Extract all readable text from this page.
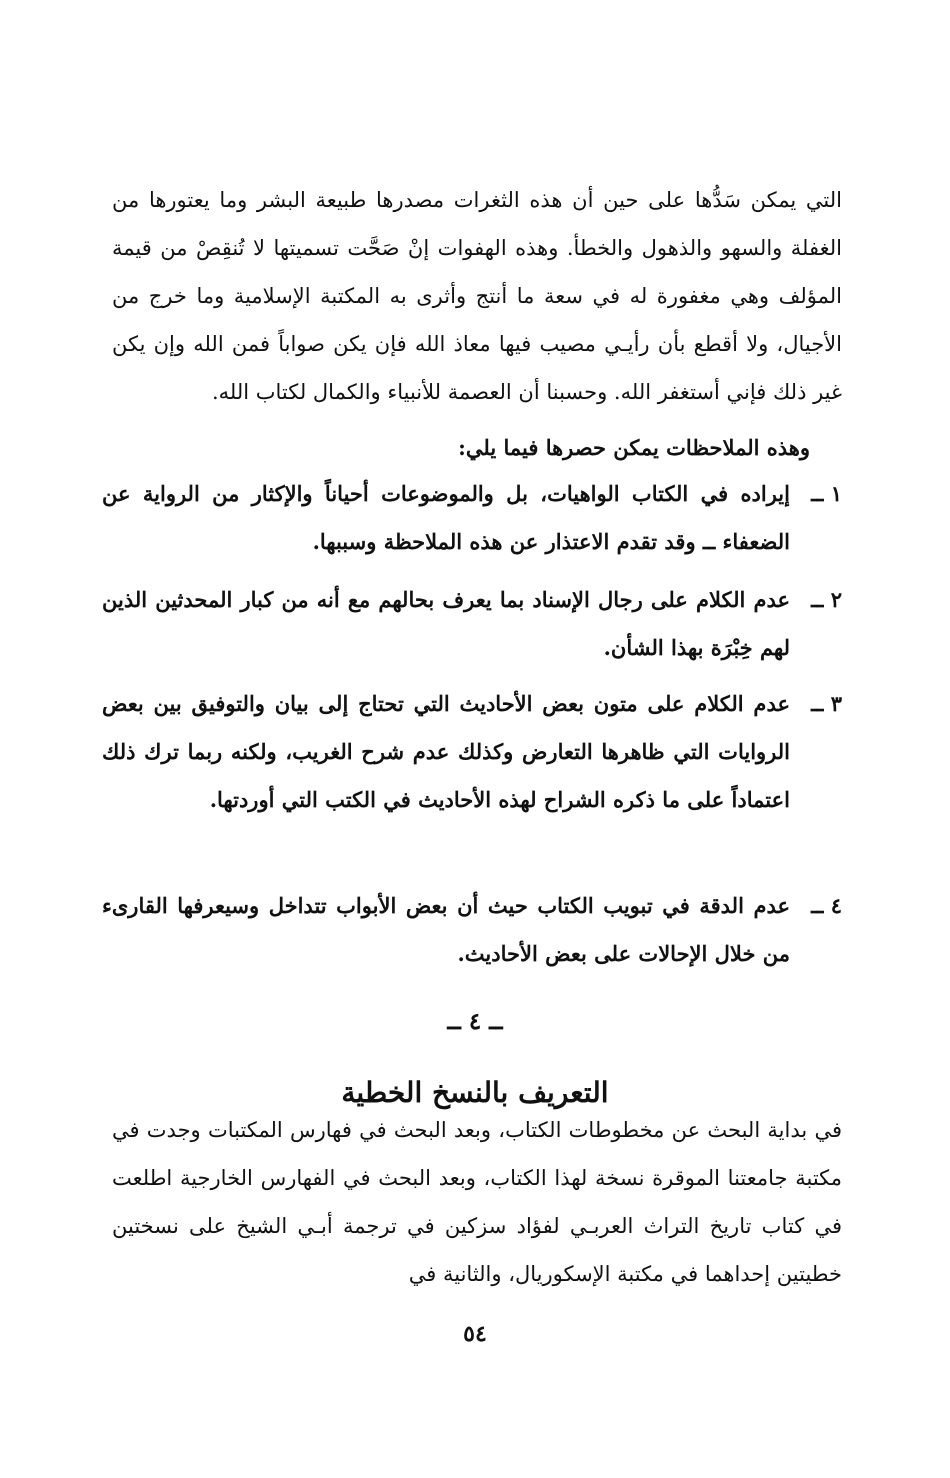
التي يمكن سَدُّها على حين أن هذه الثغرات مصدرها طبيعة البشر وما يعتورها من الغفلة والسهو والذهول والخطأ. وهذه الهفوات إنْ صَحَّت تسميتها لا تُنقِصْ من قيمة المؤلف وهي مغفورة له في سعة ما أنتج وأثرى به المكتبة الإسلامية وما خرج من الأجيال، ولا أقطع بأن رأيـي مصيب فيها معاذ الله فإن يكن صواباً فمن الله وإن يكن غير ذلك فإني أستغفر الله. وحسبنا أن العصمة للأنبياء والكمال لكتاب الله.

وهذه الملاحظات يمكن حصرها فيما يلي:

١ ــ
إيراده في الكتاب الواهيات، بل والموضوعات أحياناً والإكثار من الرواية عن الضعفاء ــ وقد تقدم الاعتذار عن هذه الملاحظة وسببها.
٢ ــ
عدم الكلام على رجال الإسناد بما يعرف بحالهم مع أنه من كبار المحدثين الذين لهم خِبْرَة بهذا الشأن.
٣ ــ
عدم الكلام على متون بعض الأحاديث التي تحتاج إلى بيان والتوفيق بين بعض الروايات التي ظاهرها التعارض وكذلك عدم شرح الغريب، ولكنه ربما ترك ذلك اعتماداً على ما ذكره الشراح لهذه الأحاديث في الكتب التي أوردتها.
٤ ــ
عدم الدقة في تبويب الكتاب حيث أن بعض الأبواب تتداخل وسيعرفها القارىء من خلال الإحالات على بعض الأحاديث.
ــ ٤ ــ
التعريف بالنسخ الخطية

في بداية البحث عن مخطوطات الكتاب، وبعد البحث في فهارس المكتبات وجدت في مكتبة جامعتنا الموقرة نسخة لهذا الكتاب، وبعد البحث في الفهارس الخارجية اطلعت في كتاب تاريخ التراث العربـي لفؤاد سزكين في ترجمة أبـي الشيخ على نسختين خطيتين إحداهما في مكتبة الإسكوريال، والثانية في

٥٤
